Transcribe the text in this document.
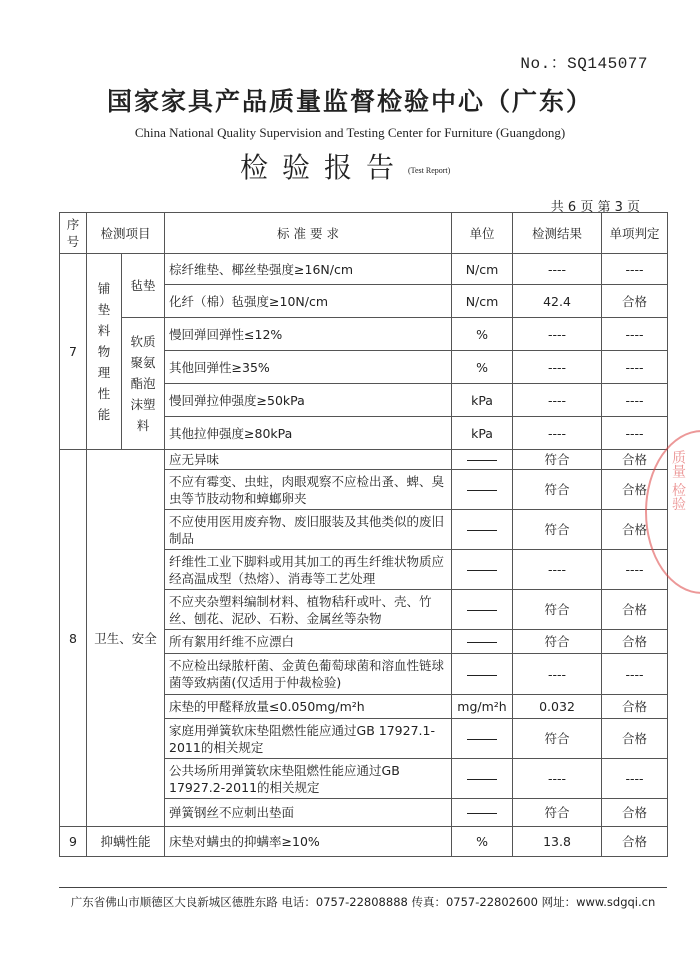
No.：SQ145077
国家家具产品质量监督检验中心（广东）
China National Quality Supervision and Testing Center for Furniture (Guangdong)
检验报告 (Test Report)
共 6 页 第 3 页
序号	检测项目		标 准 要 求	单位	检测结果	单项判定
7	铺垫料物理性能	毡垫	棕纤维垫、椰丝垫强度≥16N/cm	N/cm	----	----
			化纤（棉）毡强度≥10N/cm	N/cm	42.4	合格
		软质聚氨酯泡沫塑料	慢回弹回弹性≤12%	%	----	----
			其他回弹性≥35%	%	----	----
			慢回弹拉伸强度≥50kPa	kPa	----	----
			其他拉伸强度≥80kPa	kPa	----	----
8	卫生、安全		应无异味		符合	合格
			不应有霉变、虫蛀，肉眼观察不应检出蚤、蜱、臭虫等节肢动物和蟑螂卵夹		符合	合格
			不应使用医用废弃物、废旧服装及其他类似的废旧制品		符合	合格
			纤维性工业下脚料或用其加工的再生纤维状物质应经高温成型（热熔）、消毒等工艺处理		----	----
			不应夹杂塑料编制材料、植物秸秆或叶、壳、竹丝、刨花、泥砂、石粉、金属丝等杂物		符合	合格
			所有絮用纤维不应漂白		符合	合格
			不应检出绿脓杆菌、金黄色葡萄球菌和溶血性链球菌等致病菌(仅适用于仲裁检验)		----	----
			床垫的甲醛释放量≤0.050mg/m²h	mg/m²h	0.032	合格
			家庭用弹簧软床垫阻燃性能应通过GB 17927.1-2011的相关规定		符合	合格
			公共场所用弹簧软床垫阻燃性能应通过GB 17927.2-2011的相关规定		----	----
			弹簧钢丝不应刺出垫面		符合	合格
9	抑螨性能		床垫对螨虫的抑螨率≥10%	%	13.8	合格
质量 检验
广东省佛山市顺德区大良新城区德胜东路 电话：0757-22808888 传真：0757-22802600 网址：www.sdgqi.cn
